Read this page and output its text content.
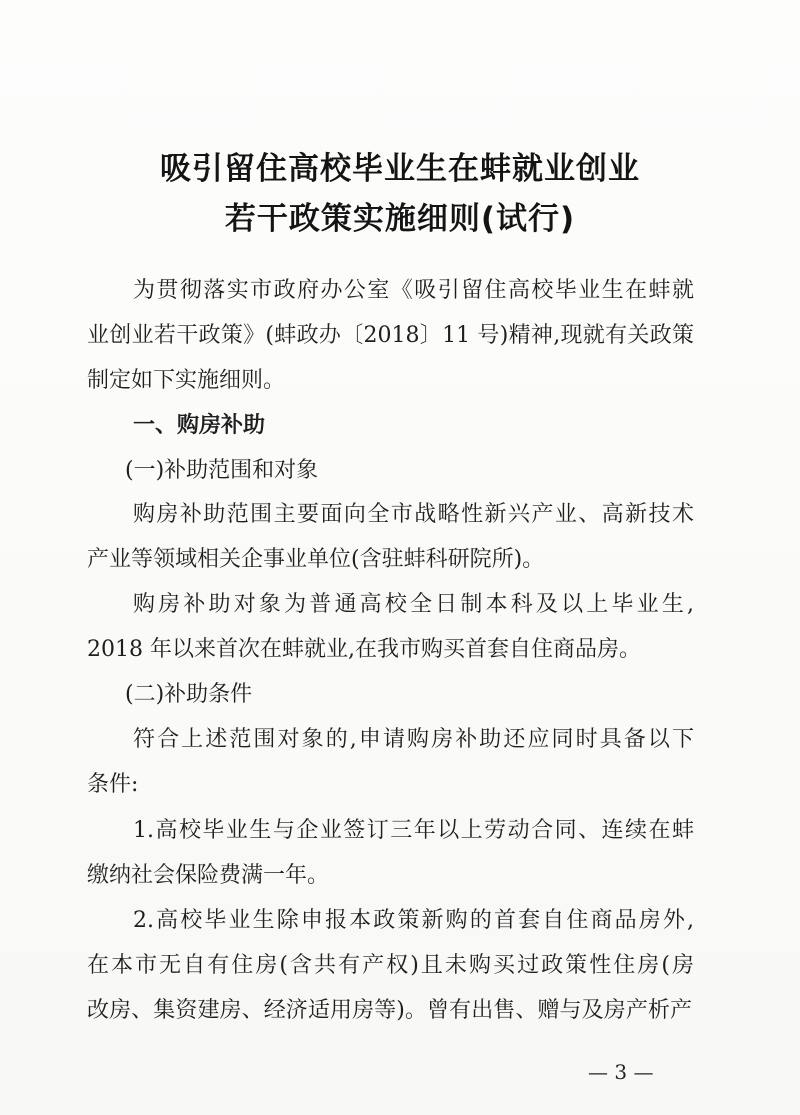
吸引留住高校毕业生在蚌就业创业
若干政策实施细则(试行)
为贯彻落实市政府办公室《吸引留住高校毕业生在蚌就
业创业若干政策》(蚌政办〔2018〕11 号)精神,现就有关政策
制定如下实施细则。
一、购房补助
(一)补助范围和对象
购房补助范围主要面向全市战略性新兴产业、高新技术
产业等领域相关企事业单位(含驻蚌科研院所)。
购房补助对象为普通高校全日制本科及以上毕业生,
2018 年以来首次在蚌就业,在我市购买首套自住商品房。
(二)补助条件
符合上述范围对象的,申请购房补助还应同时具备以下
条件:
1.高校毕业生与企业签订三年以上劳动合同、连续在蚌
缴纳社会保险费满一年。
2.高校毕业生除申报本政策新购的首套自住商品房外,
在本市无自有住房(含共有产权)且未购买过政策性住房(房
改房、集资建房、经济适用房等)。曾有出售、赠与及房产析产
— 3 —
